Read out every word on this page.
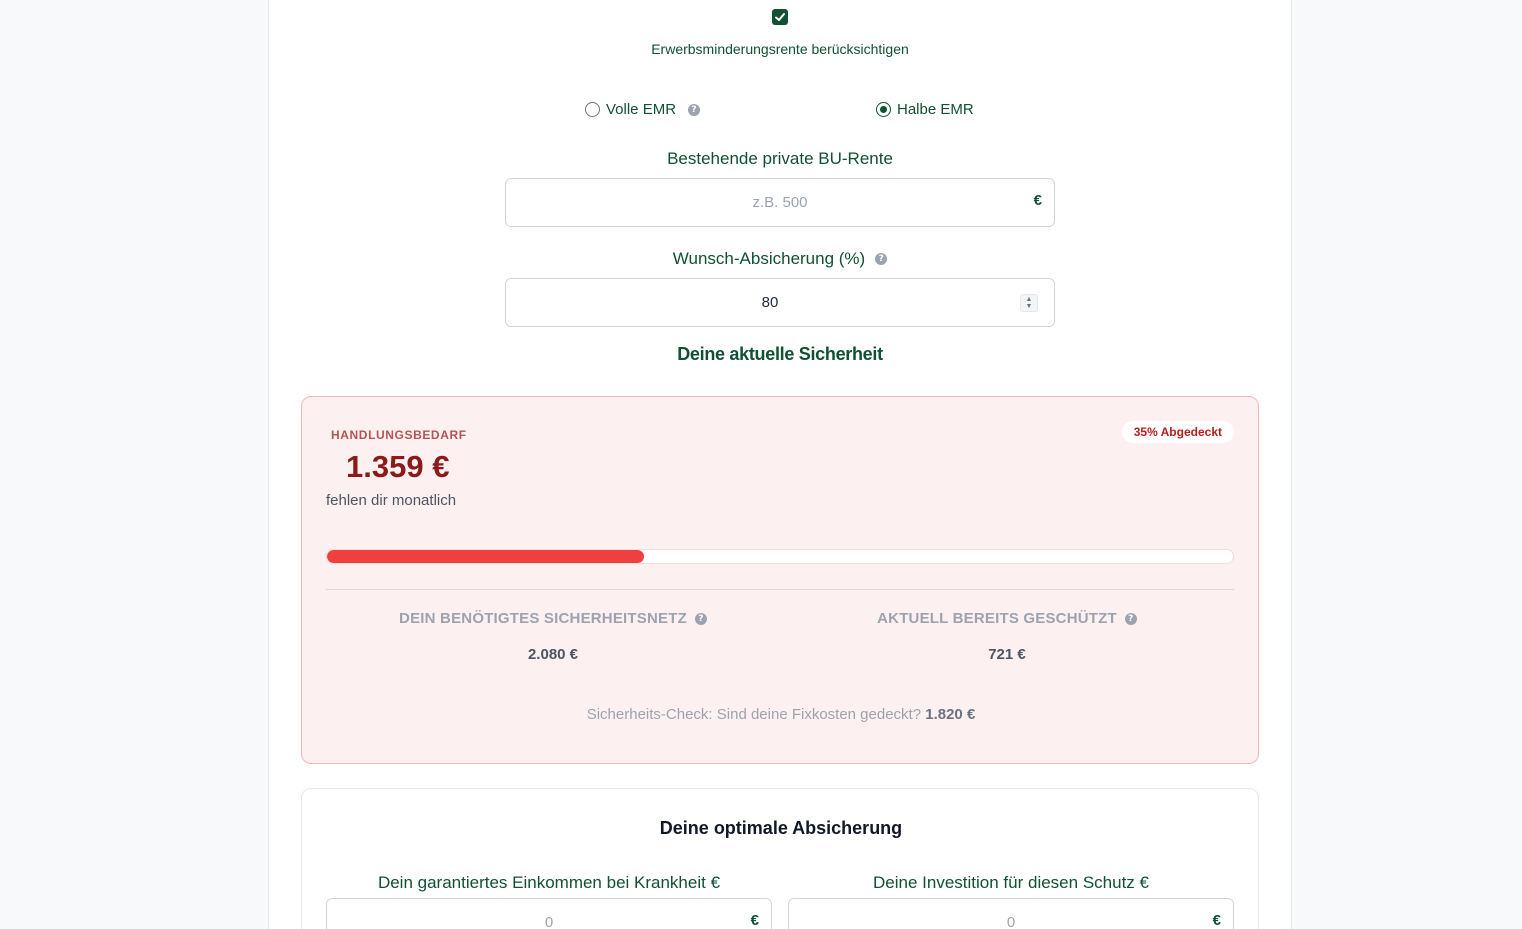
Erwerbsminderungsrente berücksichtigen
Volle EMR	?	Halbe EMR
Bestehende private BU-Rente
z.B. 500
€
Wunsch-Absicherung (%)	?
80
▲
▼
Deine aktuelle Sicherheit
HANDLUNGSBEDARF
1.359 €
fehlen dir monatlich
35% Abgedeckt
DEIN BENÖTIGTES SICHERHEITSNETZ	?
2.080 €
AKTUELL BEREITS GESCHÜTZT	?
721 €
Sicherheits-Check: Sind deine Fixkosten gedeckt? 1.820 €
Deine optimale Absicherung
Dein garantiertes Einkommen bei Krankheit €
0
€
Deine Investition für diesen Schutz €
0
€
